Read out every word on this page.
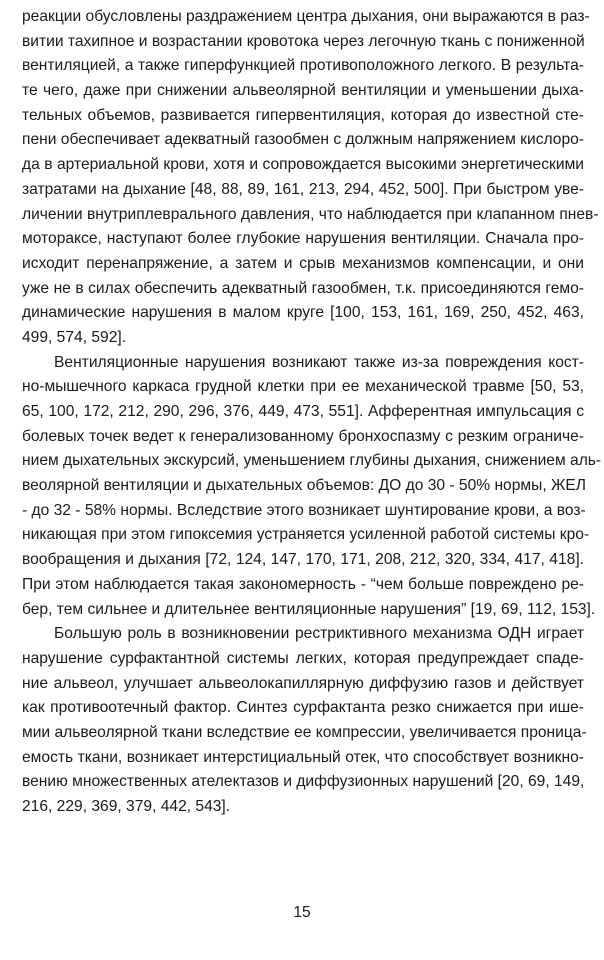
реакции обусловлены раздражением центра дыхания, они выражаются в раз-
витии тахипное и возрастании кровотока через легочную ткань с пониженной
вентиляцией, а также гиперфункцией противоположного легкого. В результа-
те чего, даже при снижении альвеолярной вентиляции и уменьшении дыха-
тельных объемов, развивается гипервентиляция, которая до известной сте-
пени обеспечивает адекватный газообмен с должным напряжением кислоро-
да в артериальной крови, хотя и сопровождается высокими энергетическими
затратами на дыхание [48, 88, 89, 161, 213, 294, 452, 500]. При быстром уве-
личении внутриплеврального давления, что наблюдается при клапанном пнев-
мотораксе, наступают более глубокие нарушения вентиляции. Сначала про-
исходит перенапряжение, а затем и срыв механизмов компенсации, и они
уже не в силах обеспечить адекватный газообмен, т.к. присоединяются гемо-
динамические нарушения в малом круге [100, 153, 161, 169, 250, 452, 463,
499, 574, 592].
Вентиляционные нарушения возникают также из-за повреждения кост-
но-мышечного каркаса грудной клетки при ее механической травме [50, 53,
65, 100, 172, 212, 290, 296, 376, 449, 473, 551]. Афферентная импульсация с
болевых точек ведет к генерализованному бронхоспазму с резким ограниче-
нием дыхательных экскурсий, уменьшением глубины дыхания, снижением аль-
веолярной вентиляции и дыхательных объемов: ДО до 30 - 50% нормы, ЖЕЛ
- до 32 - 58% нормы. Вследствие этого возникает шунтирование крови, а воз-
никающая при этом гипоксемия устраняется усиленной работой системы кро-
вообращения и дыхания [72, 124, 147, 170, 171, 208, 212, 320, 334, 417, 418].
При этом наблюдается такая закономерность - “чем больше повреждено ре-
бер, тем сильнее и длительнее вентиляционные нарушения” [19, 69, 112, 153].
Большую роль в возникновении рестриктивного механизма ОДН играет
нарушение сурфактантной системы легких, которая предупреждает спаде-
ние альвеол, улучшает альвеолокапиллярную диффузию газов и действует
как противоотечный фактор. Синтез сурфактанта резко снижается при ише-
мии альвеолярной ткани вследствие ее компрессии, увеличивается проница-
емость ткани, возникает интерстициальный отек, что способствует возникно-
вению множественных ателектазов и диффузионных нарушений [20, 69, 149,
216, 229, 369, 379, 442, 543].
15
